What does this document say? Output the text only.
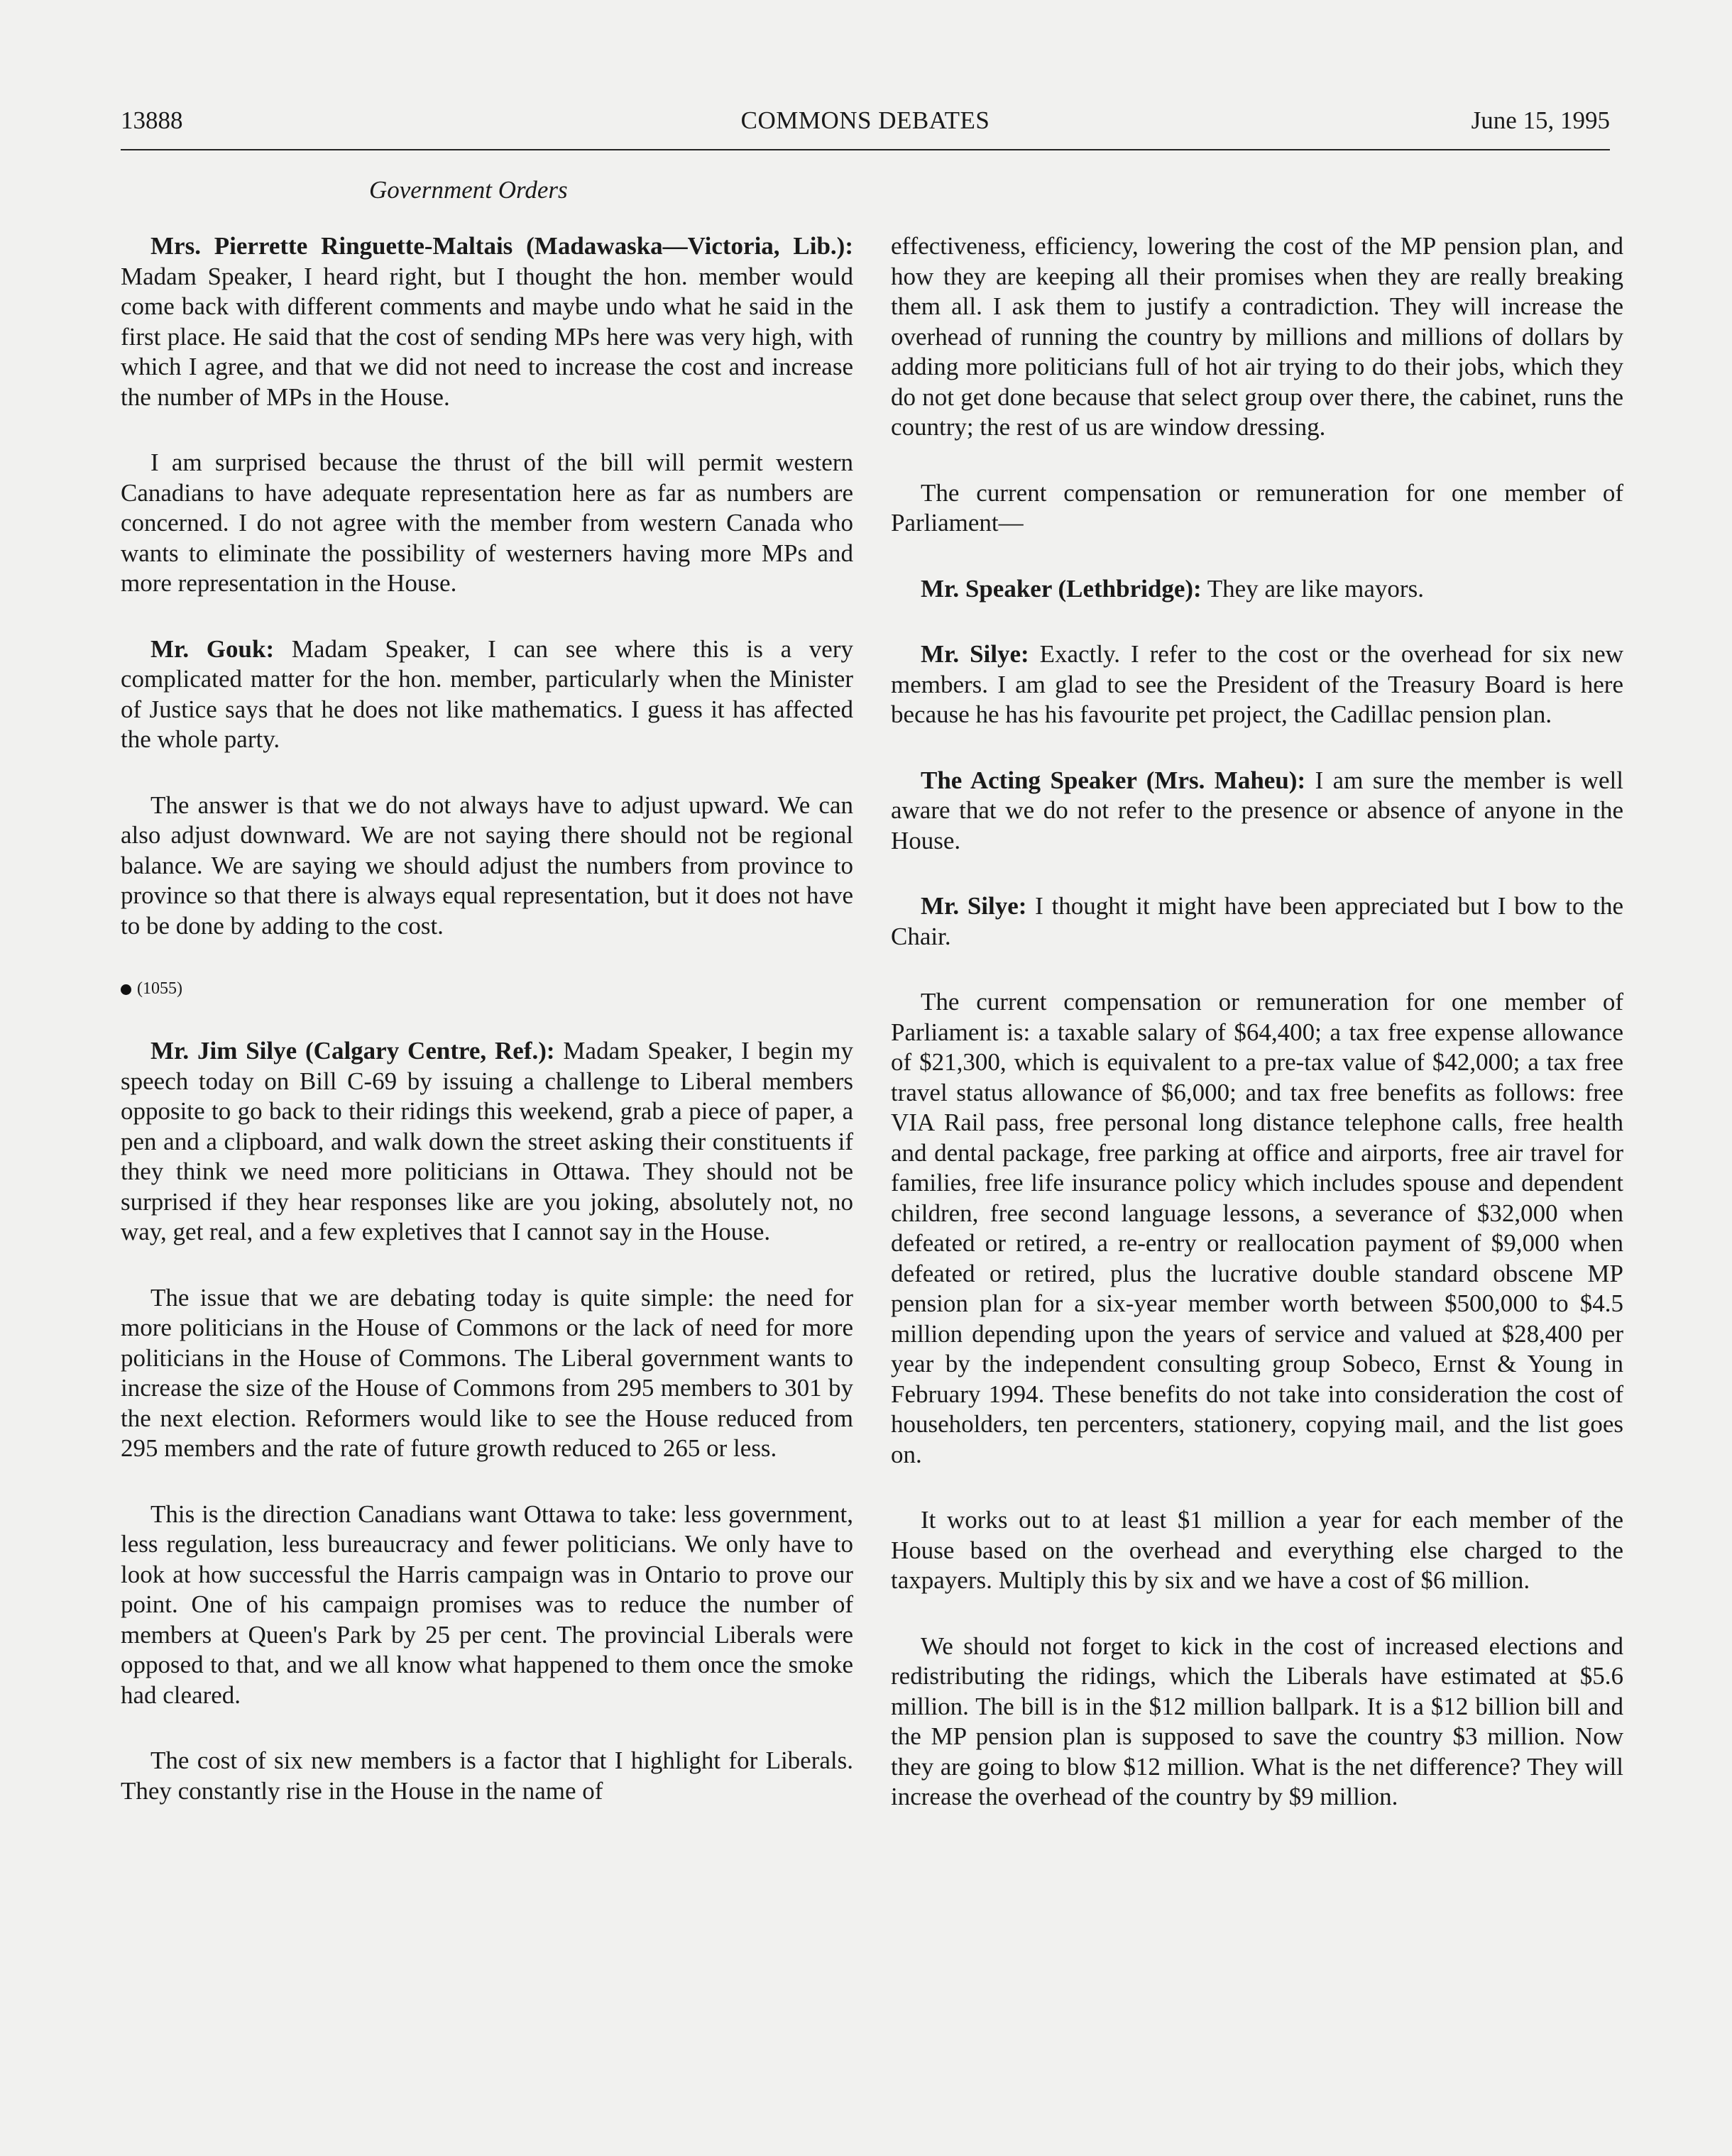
13888	COMMONS DEBATES	June 15, 1995
Government Orders

Mrs. Pierrette Ringuette-Maltais (Madawaska—Victoria, Lib.): Madam Speaker, I heard right, but I thought the hon. member would come back with different comments and maybe undo what he said in the first place. He said that the cost of sending MPs here was very high, with which I agree, and that we did not need to increase the cost and increase the number of MPs in the House.

I am surprised because the thrust of the bill will permit western Canadians to have adequate representation here as far as numbers are concerned. I do not agree with the member from western Canada who wants to eliminate the possibility of westerners having more MPs and more representation in the House.

Mr. Gouk: Madam Speaker, I can see where this is a very complicated matter for the hon. member, particularly when the Minister of Justice says that he does not like mathematics. I guess it has affected the whole party.

The answer is that we do not always have to adjust upward. We can also adjust downward. We are not saying there should not be regional balance. We are saying we should adjust the numbers from province to province so that there is always equal representation, but it does not have to be done by adding to the cost.

(1055)

Mr. Jim Silye (Calgary Centre, Ref.): Madam Speaker, I begin my speech today on Bill C-69 by issuing a challenge to Liberal members opposite to go back to their ridings this weekend, grab a piece of paper, a pen and a clipboard, and walk down the street asking their constituents if they think we need more politicians in Ottawa. They should not be surprised if they hear responses like are you joking, absolutely not, no way, get real, and a few expletives that I cannot say in the House.

The issue that we are debating today is quite simple: the need for more politicians in the House of Commons or the lack of need for more politicians in the House of Commons. The Liberal government wants to increase the size of the House of Commons from 295 members to 301 by the next election. Reformers would like to see the House reduced from 295 members and the rate of future growth reduced to 265 or less.

This is the direction Canadians want Ottawa to take: less government, less regulation, less bureaucracy and fewer politicians. We only have to look at how successful the Harris campaign was in Ontario to prove our point. One of his campaign promises was to reduce the number of members at Queen's Park by 25 per cent. The provincial Liberals were opposed to that, and we all know what happened to them once the smoke had cleared.

The cost of six new members is a factor that I highlight for Liberals. They constantly rise in the House in the name of

effectiveness, efficiency, lowering the cost of the MP pension plan, and how they are keeping all their promises when they are really breaking them all. I ask them to justify a contradiction. They will increase the overhead of running the country by millions and millions of dollars by adding more politicians full of hot air trying to do their jobs, which they do not get done because that select group over there, the cabinet, runs the country; the rest of us are window dressing.

The current compensation or remuneration for one member of Parliament—

Mr. Speaker (Lethbridge): They are like mayors.

Mr. Silye: Exactly. I refer to the cost or the overhead for six new members. I am glad to see the President of the Treasury Board is here because he has his favourite pet project, the Cadillac pension plan.

The Acting Speaker (Mrs. Maheu): I am sure the member is well aware that we do not refer to the presence or absence of anyone in the House.

Mr. Silye: I thought it might have been appreciated but I bow to the Chair.

The current compensation or remuneration for one member of Parliament is: a taxable salary of $64,400; a tax free expense allowance of $21,300, which is equivalent to a pre-tax value of $42,000; a tax free travel status allowance of $6,000; and tax free benefits as follows: free VIA Rail pass, free personal long distance telephone calls, free health and dental package, free parking at office and airports, free air travel for families, free life insurance policy which includes spouse and dependent children, free second language lessons, a severance of $32,000 when defeated or retired, a re-entry or reallocation payment of $9,000 when defeated or retired, plus the lucrative double standard obscene MP pension plan for a six-year member worth between $500,000 to $4.5 million depending upon the years of service and valued at $28,400 per year by the independent consulting group Sobeco, Ernst & Young in February 1994. These benefits do not take into consideration the cost of householders, ten percenters, stationery, copying mail, and the list goes on.

It works out to at least $1 million a year for each member of the House based on the overhead and everything else charged to the taxpayers. Multiply this by six and we have a cost of $6 million.

We should not forget to kick in the cost of increased elections and redistributing the ridings, which the Liberals have estimated at $5.6 million. The bill is in the $12 million ballpark. It is a $12 billion bill and the MP pension plan is supposed to save the country $3 million. Now they are going to blow $12 million. What is the net difference? They will increase the overhead of the country by $9 million.
